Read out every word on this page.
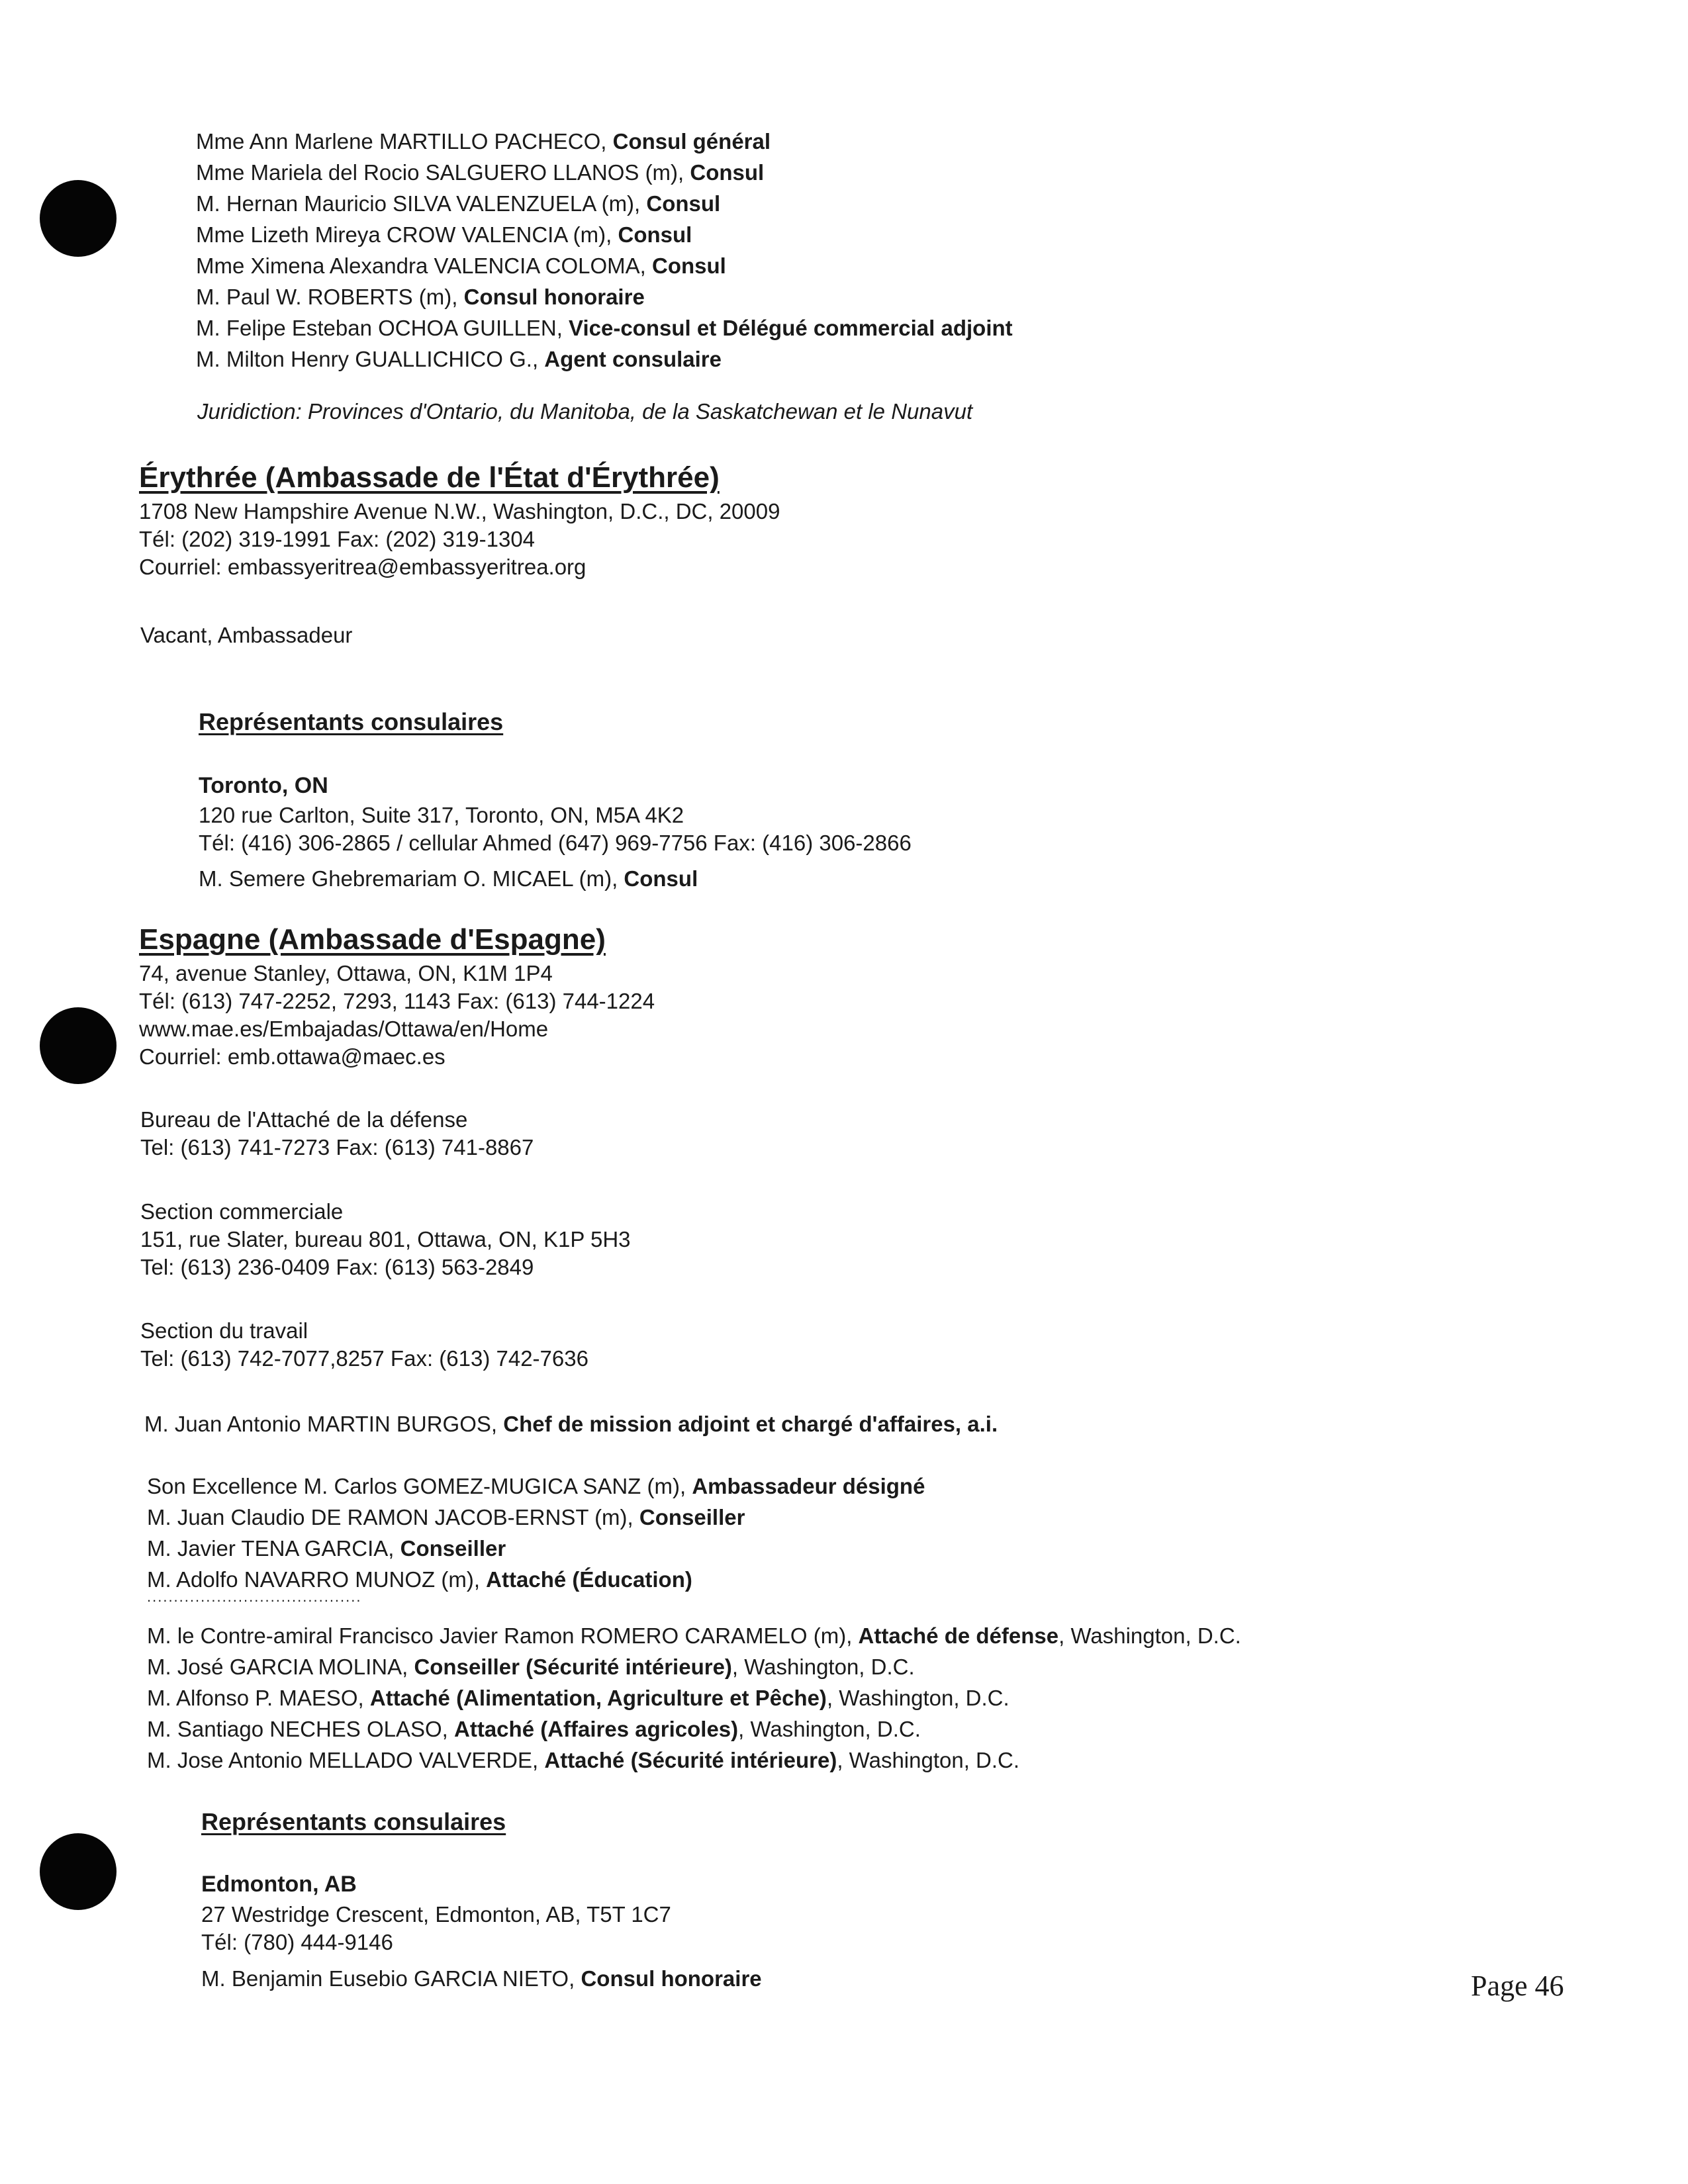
Mme Ann Marlene MARTILLO PACHECO, Consul général
Mme Mariela del Rocio SALGUERO LLANOS (m), Consul
M. Hernan Mauricio SILVA VALENZUELA (m), Consul
Mme Lizeth Mireya CROW VALENCIA (m), Consul
Mme Ximena Alexandra VALENCIA COLOMA, Consul
M. Paul W. ROBERTS (m), Consul honoraire
M. Felipe Esteban OCHOA GUILLEN, Vice-consul et Délégué commercial adjoint
M. Milton Henry GUALLICHICO G., Agent consulaire
Juridiction: Provinces d'Ontario, du Manitoba, de la Saskatchewan et le Nunavut
Érythrée (Ambassade de l'État d'Érythrée)
1708 New Hampshire Avenue N.W., Washington, D.C., DC, 20009
Tél: (202) 319-1991 Fax: (202) 319-1304
Courriel: embassyeritrea@embassyeritrea.org
Vacant, Ambassadeur
Représentants consulaires
Toronto, ON
120 rue Carlton, Suite 317, Toronto, ON, M5A 4K2
Tél: (416) 306-2865 / cellular Ahmed (647) 969-7756 Fax: (416) 306-2866
M. Semere Ghebremariam O. MICAEL (m), Consul
Espagne (Ambassade d'Espagne)
74, avenue Stanley, Ottawa, ON, K1M 1P4
Tél: (613) 747-2252, 7293, 1143 Fax: (613) 744-1224
www.mae.es/Embajadas/Ottawa/en/Home
Courriel: emb.ottawa@maec.es
Bureau de l'Attaché de la défense
Tel: (613) 741-7273 Fax: (613) 741-8867
Section commerciale
151, rue Slater, bureau 801, Ottawa, ON, K1P 5H3
Tel: (613) 236-0409 Fax: (613) 563-2849
Section du travail
Tel: (613) 742-7077,8257 Fax: (613) 742-7636
M. Juan Antonio MARTIN BURGOS, Chef de mission adjoint et chargé d'affaires, a.i.
Son Excellence M. Carlos GOMEZ-MUGICA SANZ (m), Ambassadeur désigné
M. Juan Claudio DE RAMON JACOB-ERNST (m), Conseiller
M. Javier TENA GARCIA, Conseiller
M. Adolfo NAVARRO MUNOZ (m), Attaché (Éducation)
........................................
M. le Contre-amiral Francisco Javier Ramon ROMERO CARAMELO (m), Attaché de défense, Washington, D.C.
M. José GARCIA MOLINA, Conseiller (Sécurité intérieure), Washington, D.C.
M. Alfonso P. MAESO, Attaché (Alimentation, Agriculture et Pêche), Washington, D.C.
M. Santiago NECHES OLASO, Attaché (Affaires agricoles), Washington, D.C.
M. Jose Antonio MELLADO VALVERDE, Attaché (Sécurité intérieure), Washington, D.C.
Représentants consulaires
Edmonton, AB
27 Westridge Crescent, Edmonton, AB, T5T 1C7
Tél: (780) 444-9146
M. Benjamin Eusebio GARCIA NIETO, Consul honoraire	Page 46
